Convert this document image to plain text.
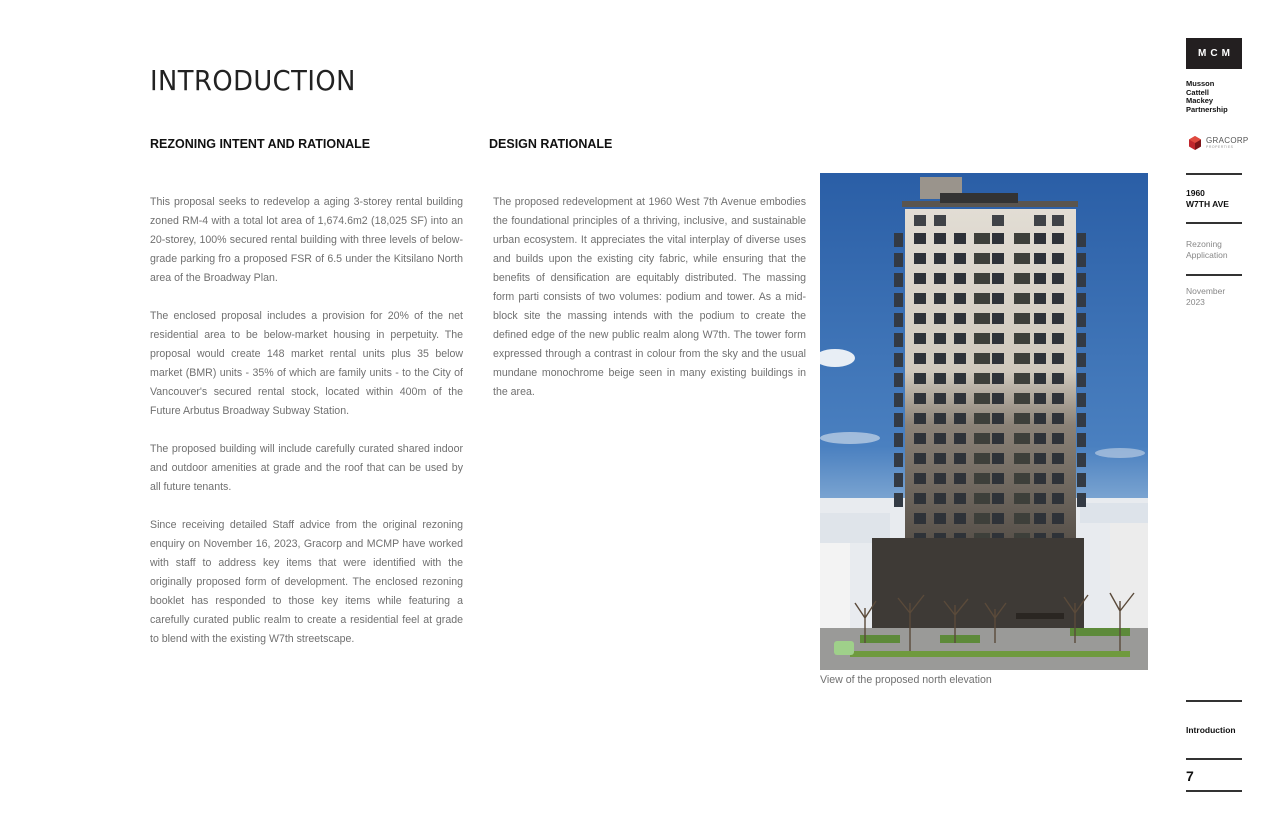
INTRODUCTION
REZONING INTENT AND RATIONALE	DESIGN RATIONALE

This proposal seeks to redevelop a aging 3-storey rental building zoned RM-4 with a total lot area of 1,674.6m2 (18,025 SF) into an 20-storey, 100% secured rental building with three levels of below-grade parking fro a proposed FSR of 6.5 under the Kitsilano North area of the Broadway Plan.

The enclosed proposal includes a provision for 20% of the net residential area to be below-market housing in perpetuity. The proposal would create 148 market rental units plus 35 below market (BMR) units - 35% of which are family units - to the City of Vancouver's secured rental stock, located within 400m of the Future Arbutus Broadway Subway Station.

The proposed building will include carefully curated shared indoor and outdoor amenities at grade and the roof that can be used by all future tenants.

Since receiving detailed Staff advice from the original rezoning enquiry on November 16, 2023, Gracorp and MCMP have worked with staff to address key items that were identified with the originally proposed form of development. The enclosed rezoning booklet has responded to those key items while featuring a carefully curated public realm to create a residential feel at grade to blend with the existing W7th streetscape.

The proposed redevelopment at 1960 West 7th Avenue embodies the foundational principles of a thriving, inclusive, and sustainable urban ecosystem. It appreciates the vital interplay of diverse uses and builds upon the existing city fabric, while ensuring that the benefits of densification are equitably distributed. The massing form parti consists of two volumes: podium and tower. As a mid-block site the massing intends with the podium to create the defined edge of the new public realm along W7th. The tower form expressed through a contrast in colour from the sky and the usual mundane monochrome beige seen in many existing buildings in the area.

View of the proposed north elevation
MCM
Musson
Cattell
Mackey
Partnership
GRACORP
PROPERTIES
1960
W7TH AVE
Rezoning
Application
November
2023
Introduction
7
